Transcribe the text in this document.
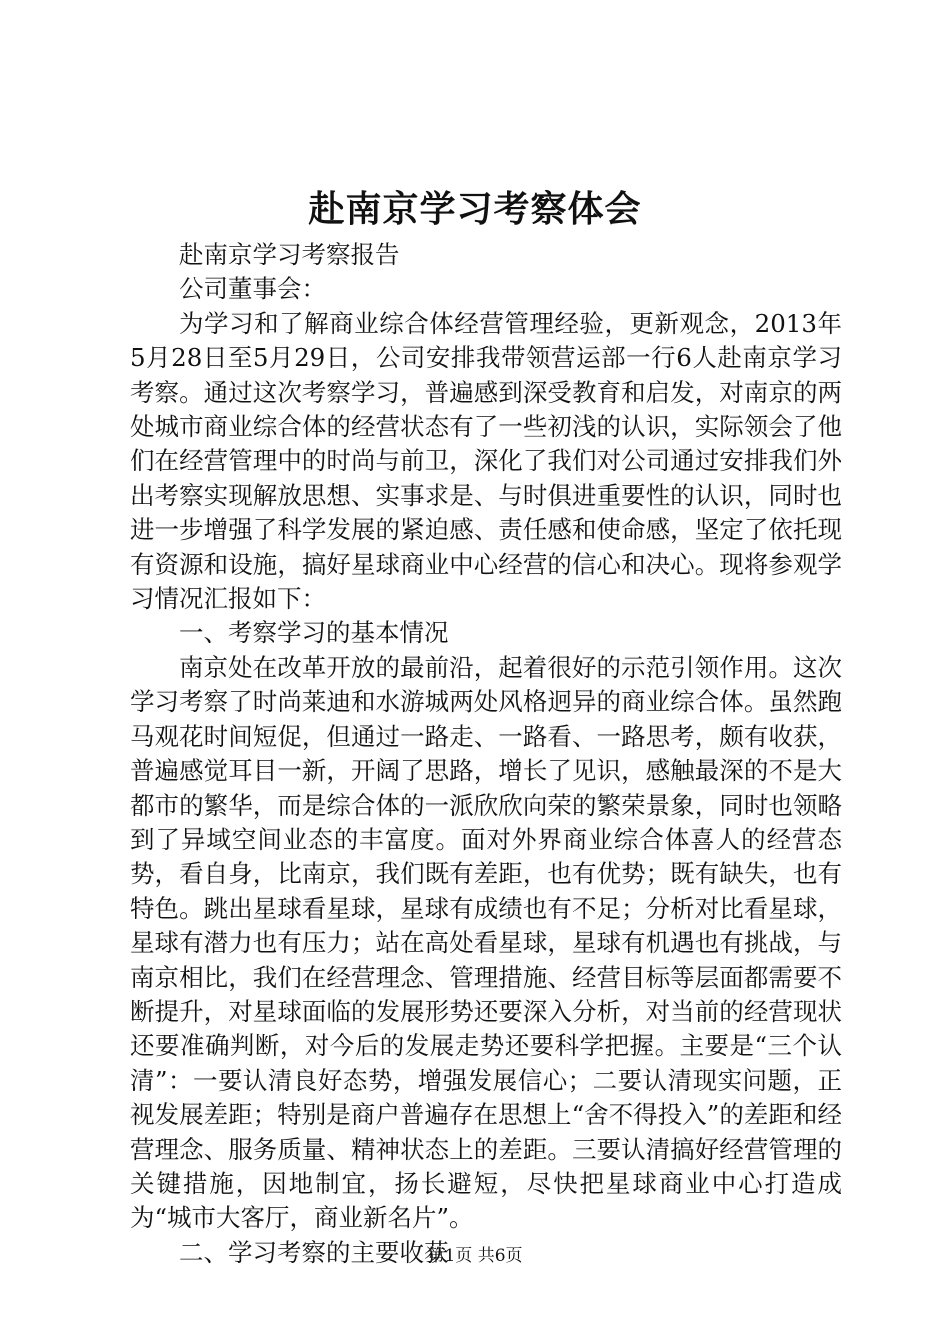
赴南京学习考察体会

赴南京学习考察报告

公司董事会：

为学习和了解商业综合体经营管理经验，更新观念，2013年5月28日至5月29日，公司安排我带领营运部一行6人赴南京学习考察。通过这次考察学习，普遍感到深受教育和启发，对南京的两处城市商业综合体的经营状态有了一些初浅的认识，实际领会了他们在经营管理中的时尚与前卫，深化了我们对公司通过安排我们外出考察实现解放思想、实事求是、与时俱进重要性的认识，同时也进一步增强了科学发展的紧迫感、责任感和使命感，坚定了依托现有资源和设施，搞好星球商业中心经营的信心和决心。现将参观学习情况汇报如下：

一、考察学习的基本情况

南京处在改革开放的最前沿，起着很好的示范引领作用。这次学习考察了时尚莱迪和水游城两处风格迥异的商业综合体。虽然跑马观花时间短促，但通过一路走、一路看、一路思考，颇有收获，普遍感觉耳目一新，开阔了思路，增长了见识，感触最深的不是大都市的繁华，而是综合体的一派欣欣向荣的繁荣景象，同时也领略到了异域空间业态的丰富度。面对外界商业综合体喜人的经营态势，看自身，比南京，我们既有差距，也有优势；既有缺失，也有特色。跳出星球看星球，星球有成绩也有不足；分析对比看星球，星球有潜力也有压力；站在高处看星球，星球有机遇也有挑战，与南京相比，我们在经营理念、管理措施、经营目标等层面都需要不断提升，对星球面临的发展形势还要深入分析，对当前的经营现状还要准确判断，对今后的发展走势还要科学把握。主要是“三个认清”：一要认清良好态势，增强发展信心；二要认清现实问题，正视发展差距；特别是商户普遍存在思想上“舍不得投入”的差距和经营理念、服务质量、精神状态上的差距。三要认清搞好经营管理的关键措施，因地制宜，扬长避短，尽快把星球商业中心打造成为“城市大客厅，商业新名片”。

二、学习考察的主要收获

第1页 共6页
